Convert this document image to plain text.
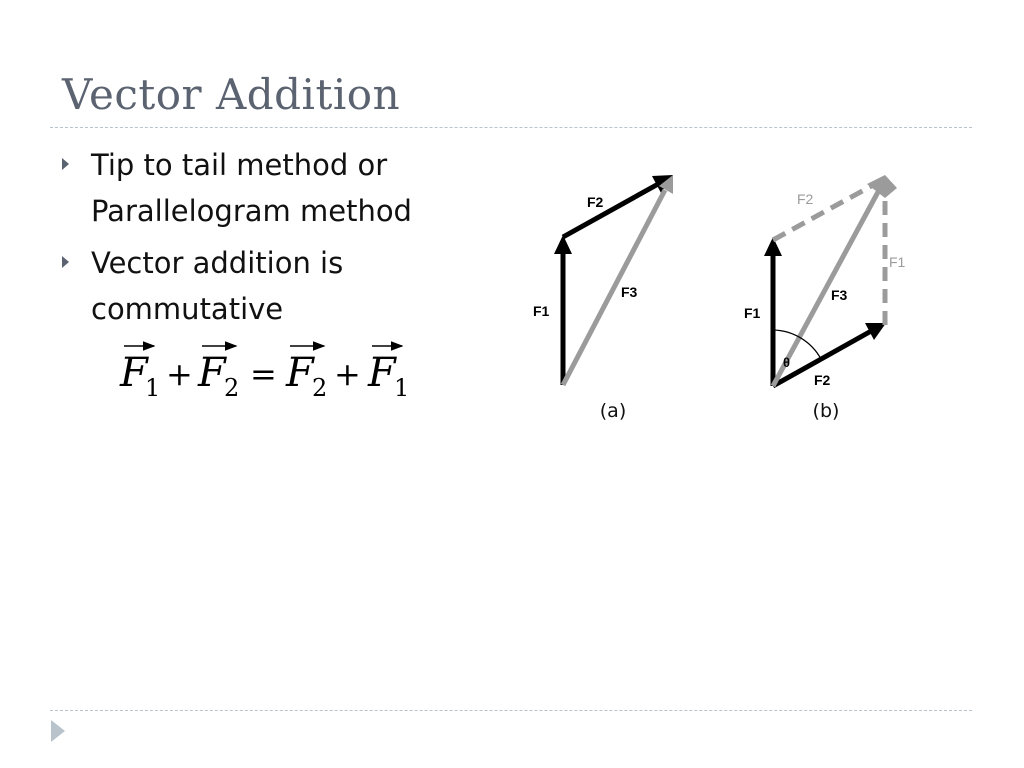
Vector Addition
Tip to tail method or
Parallelogram method
Vector addition is
commutative
F
1 + F
2 = F
2 + F
1
F1
F2
F3
F1
F2
F3
F2
F1
θ
(a)	(b)
